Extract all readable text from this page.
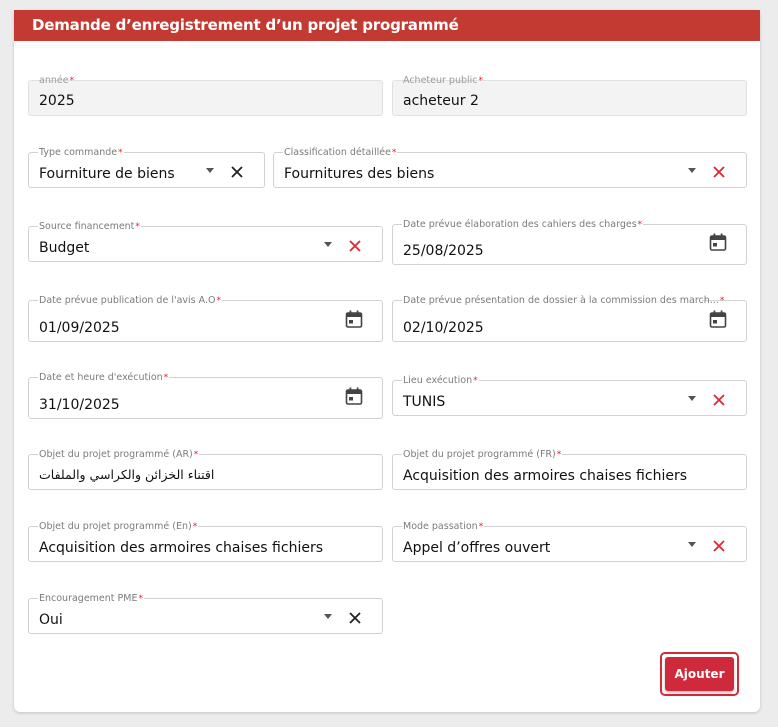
Demande d’enregistrement d’un projet programmé
année*
2025
Acheteur public*
acheteur 2
Type commande*
Fourniture de biens
Classification détaillée*
Fournitures des biens
Source financement*
Budget
Date prévue élaboration des cahiers des charges*
25/08/2025
Date prévue publication de l'avis A.O*
01/09/2025
Date prévue présentation de dossier à la commission des march...*
02/10/2025
Date et heure d'exécution*
31/10/2025
Lieu exécution*
TUNIS
Objet du projet programmé (AR)*
اقتناء الخزائن والكراسي والملفات
Objet du projet programmé (FR)*
Acquisition des armoires chaises fichiers
Objet du projet programmé (En)*
Acquisition des armoires chaises fichiers
Mode passation*
Appel d’offres ouvert
Encouragement PME*
Oui
Ajouter
